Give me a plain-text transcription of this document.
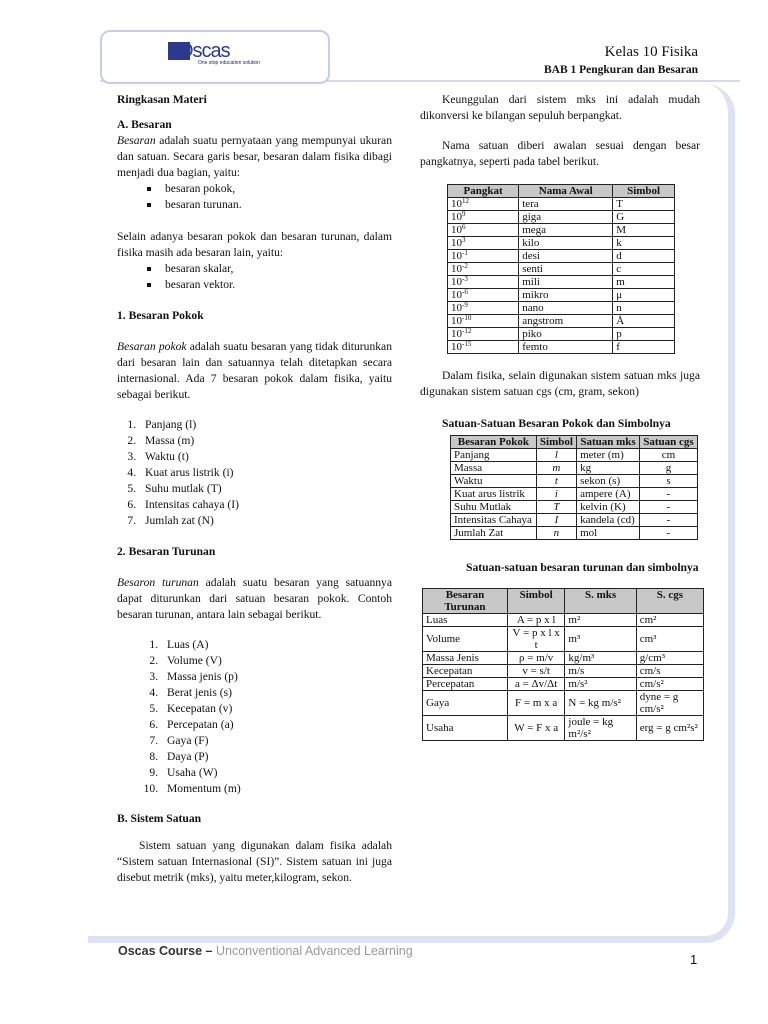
Oscas
One stop education solution
Kelas 10 Fisika
BAB 1 Pengkuran dan Besaran

Ringkasan Materi

A. Besaran

Besaran adalah suatu pernyataan yang mempunyai ukuran dan satuan. Secara garis besar, besaran dalam fisika dibagi menjadi dua bagian, yaitu:

besaran pokok,
besaran turunan.

Selain adanya besaran pokok dan besaran turunan, dalam fisika masih ada besaran lain, yaitu:

besaran skalar,
besaran vektor.

1. Besaran Pokok

Besaran pokok adalah suatu besaran yang tidak diturunkan dari besaran lain dan satuannya telah ditetapkan secara internasional. Ada 7 besaran pokok dalam fisika, yaitu sebagai berikut.

1. Panjang (l)
2. Massa (m)
3. Waktu (t)
4. Kuat arus listrik (i)
5. Suhu mutlak (T)
6. Intensitas cahaya (I)
7. Jumlah zat (N)

2. Besaran Turunan

Besaron turunan adalah suatu besaran yang satuannya dapat diturunkan dari satuan besaran pokok. Contoh besaran turunan, antara lain sebagai berikut.

1. Luas (A)
2. Volume (V)
3. Massa jenis (p)
4. Berat jenis (s)
5. Kecepatan (v)
6. Percepatan (a)
7. Gaya (F)
8. Daya (P)
9. Usaha (W)
10. Momentum (m)

B. Sistem Satuan

Sistem satuan yang digunakan dalam fisika adalah “Sistem satuan Internasional (SI)”. Sistem satuan ini juga disebut metrik (mks), yaitu meter,kilogram, sekon.

Keunggulan dari sistem mks ini adalah mudah dikonversi ke bilangan sepuluh berpangkat.

Nama satuan diberi awalan sesuai dengan besar pangkatnya, seperti pada tabel berikut.

Pangkat	Nama Awal	Simbol
$10^{12}$	tera	T
$10^9$	giga	G
$10^6$	mega	M
$10^3$	kilo	k
$10^{-1}$	desi	d
$10^{-2}$	senti	c
$10^{-3}$	mili	m
$10^{-6}$	mikro	μ
$10^{-9}$	nano	n
$10^{-10}$	angstrom	Å
$10^{-12}$	piko	p
$10^{-15}$	femto	f

Dalam fisika, selain digunakan sistem satuan mks juga digunakan sistem satuan cgs (cm, gram, sekon)

Satuan-Satuan Besaran Pokok dan Simbolnya

Besaran Pokok	Simbol	Satuan mks	Satuan cgs
Panjang	l	meter (m)	cm
Massa	m	kg	g
Waktu	t	sekon (s)	s
Kuat arus listrik	i	ampere (A)	-
Suhu Mutlak	T	kelvin (K)	-
Intensitas Cahaya	I	kandela (cd)	-
Jumlah Zat	n	mol	-

Satuan-satuan besaran turunan dan simbolnya

Besaran Turunan	Simbol	S. mks	S. cgs
Luas	A = p x l	m²	cm²
Volume	V = p x l x t	m³	cm³
Massa Jenis	ρ = m/v	kg/m³	g/cm³
Kecepatan	v = s/t	m/s	cm/s
Percepatan	a = Δv/Δt	m/s²	cm/s²
Gaya	F = m x a	N = kg m/s²	dyne = g cm/s²
Usaha	W = F x a	joule = kg m²/s²	erg = g cm²s²
Oscas Course – Unconventional Advanced Learning
1
